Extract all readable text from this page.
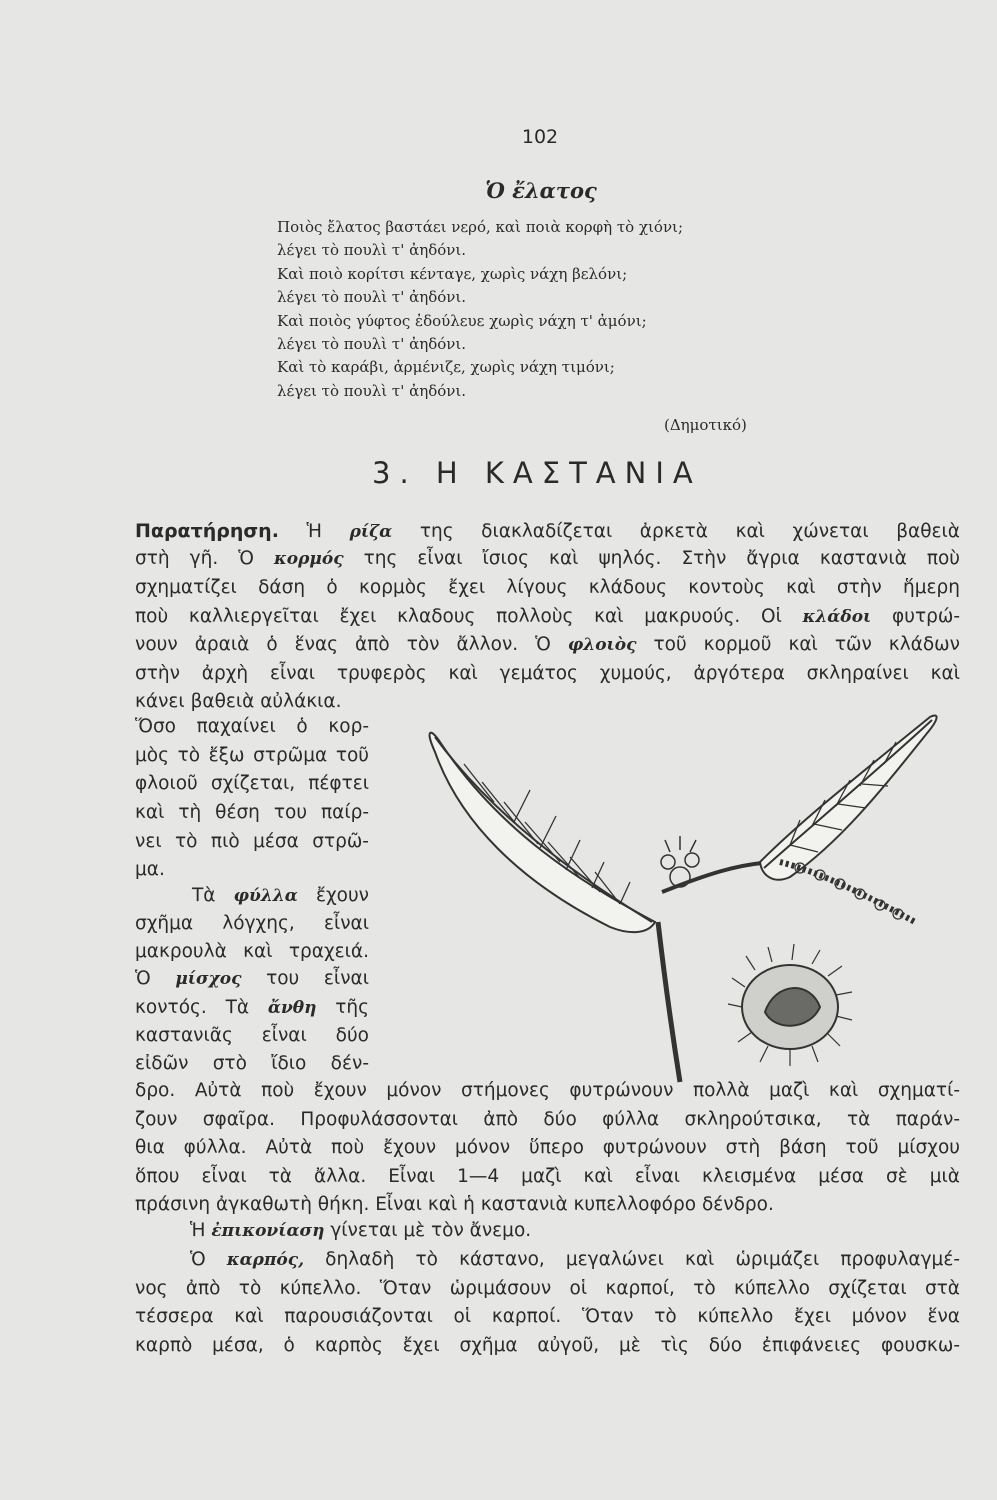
102
Ὁ ἔλατος
Ποιὸς ἔλατος βαστάει νερό, καὶ ποιὰ κορφὴ τὸ χιόνι;
λέγει τὸ πουλὶ τ' ἀηδόνι.
Καὶ ποιὸ κορίτσι κένταγε, χωρὶς νάχη βελόνι;
λέγει τὸ πουλὶ τ' ἀηδόνι.
Καὶ ποιὸς γύφτος ἐδούλευε χωρὶς νάχη τ' ἀμόνι;
λέγει τὸ πουλὶ τ' ἀηδόνι.
Καὶ τὸ καράβι, ἀρμένιζε, χωρὶς νάχη τιμόνι;
λέγει τὸ πουλὶ τ' ἀηδόνι.
(Δημοτικό)
3. Η ΚΑΣΤΑΝΙΑ
Παρατήρηση. Ἡ ρίζα της διακλαδίζεται ἀρκετὰ καὶ χώνεται βαθειὰ
στὴ γῆ. Ὁ κορμός της εἶναι ἴσιος καὶ ψηλός. Στὴν ἄγρια καστανιὰ ποὺ
σχηματίζει δάση ὁ κορμὸς ἔχει λίγους κλάδους κοντοὺς καὶ στὴν ἥμερη
ποὺ καλλιεργεῖται ἔχει κλαδους πολλοὺς καὶ μακρυούς. Οἱ κλάδοι φυτρώ-
νουν ἀραιὰ ὁ ἕνας ἀπὸ τὸν ἄλλον. Ὁ φλοιὸς τοῦ κορμοῦ καὶ τῶν κλάδων
στὴν ἀρχὴ εἶναι τρυφερὸς καὶ γεμάτος χυμούς, ἀργότερα σκληραίνει καὶ
κάνει βαθειὰ αὐλάκια.
Ὅσο παχαίνει ὁ κορ-
μὸς τὸ ἔξω στρῶμα τοῦ
φλοιοῦ σχίζεται, πέφτει
καὶ τὴ θέση του παίρ-
νει τὸ πιὸ μέσα στρῶ-
μα.
Τὰ φύλλα ἔχουν
σχῆμα λόγχης, εἶναι
μακρουλὰ καὶ τραχειά.
Ὁ μίσχος του εἶναι
κοντός. Τὰ ἄνθη τῆς
καστανιᾶς εἶναι δύο
εἰδῶν στὸ ἴδιο δέν-
δρο. Αὐτὰ ποὺ ἔχουν μόνον στήμονες φυτρώνουν πολλὰ μαζὶ καὶ σχηματί-
ζουν σφαῖρα. Προφυλάσσονται ἀπὸ δύο φύλλα σκληρούτσικα, τὰ παράν-
θια φύλλα. Αὐτὰ ποὺ ἔχουν μόνον ὕπερο φυτρώνουν στὴ βάση τοῦ μίσχου
ὅπου εἶναι τὰ ἄλλα. Εἶναι 1—4 μαζὶ καὶ εἶναι κλεισμένα μέσα σὲ μιὰ
πράσινη ἀγκαθωτὴ θήκη. Εἶναι καὶ ἡ καστανιὰ κυπελλοφόρο δένδρο.
Ἡ ἐπικονίαση γίνεται μὲ τὸν ἄνεμο.
Ὁ καρπός, δηλαδὴ τὸ κάστανο, μεγαλώνει καὶ ὡριμάζει προφυλαγμέ-
νος ἀπὸ τὸ κύπελλο. Ὅταν ὡριμάσουν οἱ καρποί, τὸ κύπελλο σχίζεται στὰ
τέσσερα καὶ παρουσιάζονται οἱ καρποί. Ὅταν τὸ κύπελλο ἔχει μόνον ἕνα
καρπὸ μέσα, ὁ καρπὸς ἔχει σχῆμα αὐγοῦ, μὲ τὶς δύο ἐπιφάνειες φουσκω-
